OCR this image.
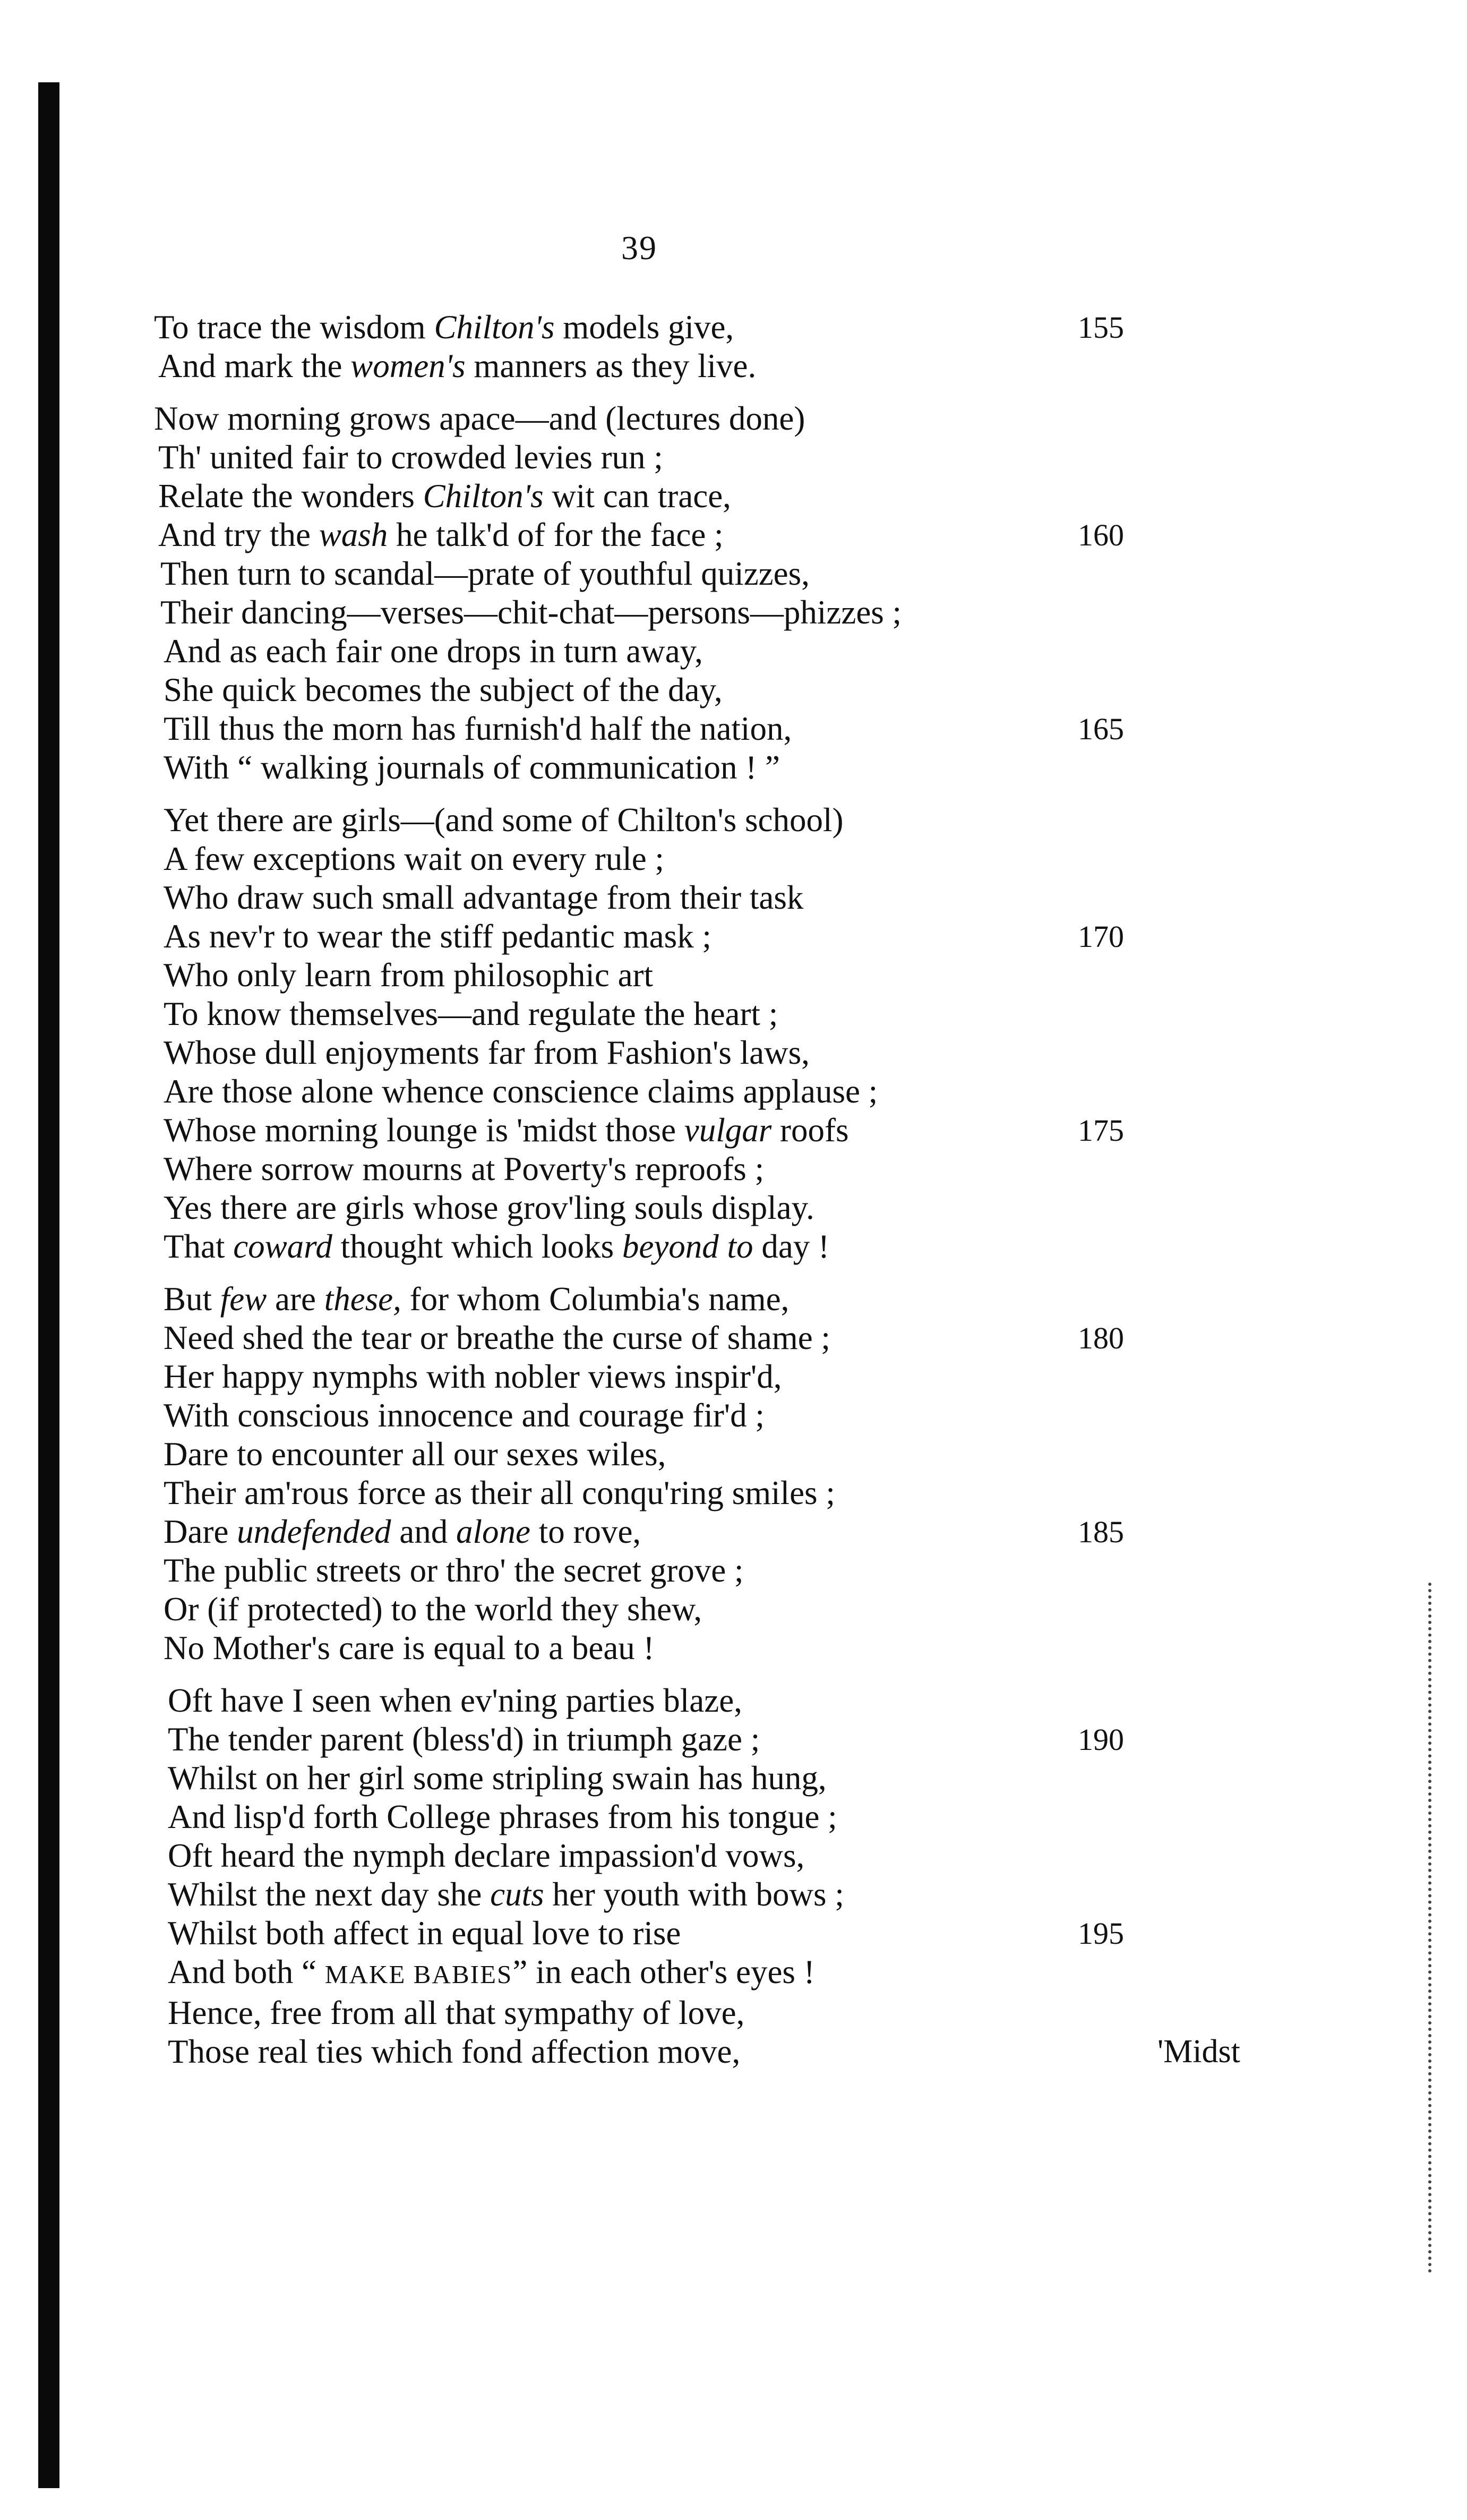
39
To trace the wisdom Chilton's models give,	155
And mark the women's manners as they live.
Now morning grows apace—and (lectures done)
Th' united fair to crowded levies run ;
Relate the wonders Chilton's wit can trace,
And try the wash he talk'd of for the face ;	160
Then turn to scandal—prate of youthful quizzes,
Their dancing—verses—chit-chat—persons—phizzes ;
And as each fair one drops in turn away,
She quick becomes the subject of the day,
Till thus the morn has furnish'd half the nation,	165
With “ walking journals of communication ! ”
Yet there are girls—(and some of Chilton's school)
A few exceptions wait on every rule ;
Who draw such small advantage from their task
As nev'r to wear the stiff pedantic mask ;	170
Who only learn from philosophic art
To know themselves—and regulate the heart ;
Whose dull enjoyments far from Fashion's laws,
Are those alone whence conscience claims applause ;
Whose morning lounge is 'midst those vulgar roofs	175
Where sorrow mourns at Poverty's reproofs ;
Yes there are girls whose grov'ling souls display.
That coward thought which looks beyond to day !
But few are these, for whom Columbia's name,
Need shed the tear or breathe the curse of shame ;	180
Her happy nymphs with nobler views inspir'd,
With conscious innocence and courage fir'd ;
Dare to encounter all our sexes wiles,
Their am'rous force as their all conqu'ring smiles ;
Dare undefended and alone to rove,	185
The public streets or thro' the secret grove ;
Or (if protected) to the world they shew,
No Mother's care is equal to a beau !
Oft have I seen when ev'ning parties blaze,
The tender parent (bless'd) in triumph gaze ;	190
Whilst on her girl some stripling swain has hung,
And lisp'd forth College phrases from his tongue ;
Oft heard the nymph declare impassion'd vows,
Whilst the next day she cuts her youth with bows ;
Whilst both affect in equal love to rise	195
And both “ MAKE BABIES” in each other's eyes !
Hence, free from all that sympathy of love,
Those real ties which fond affection move,	'Midst
